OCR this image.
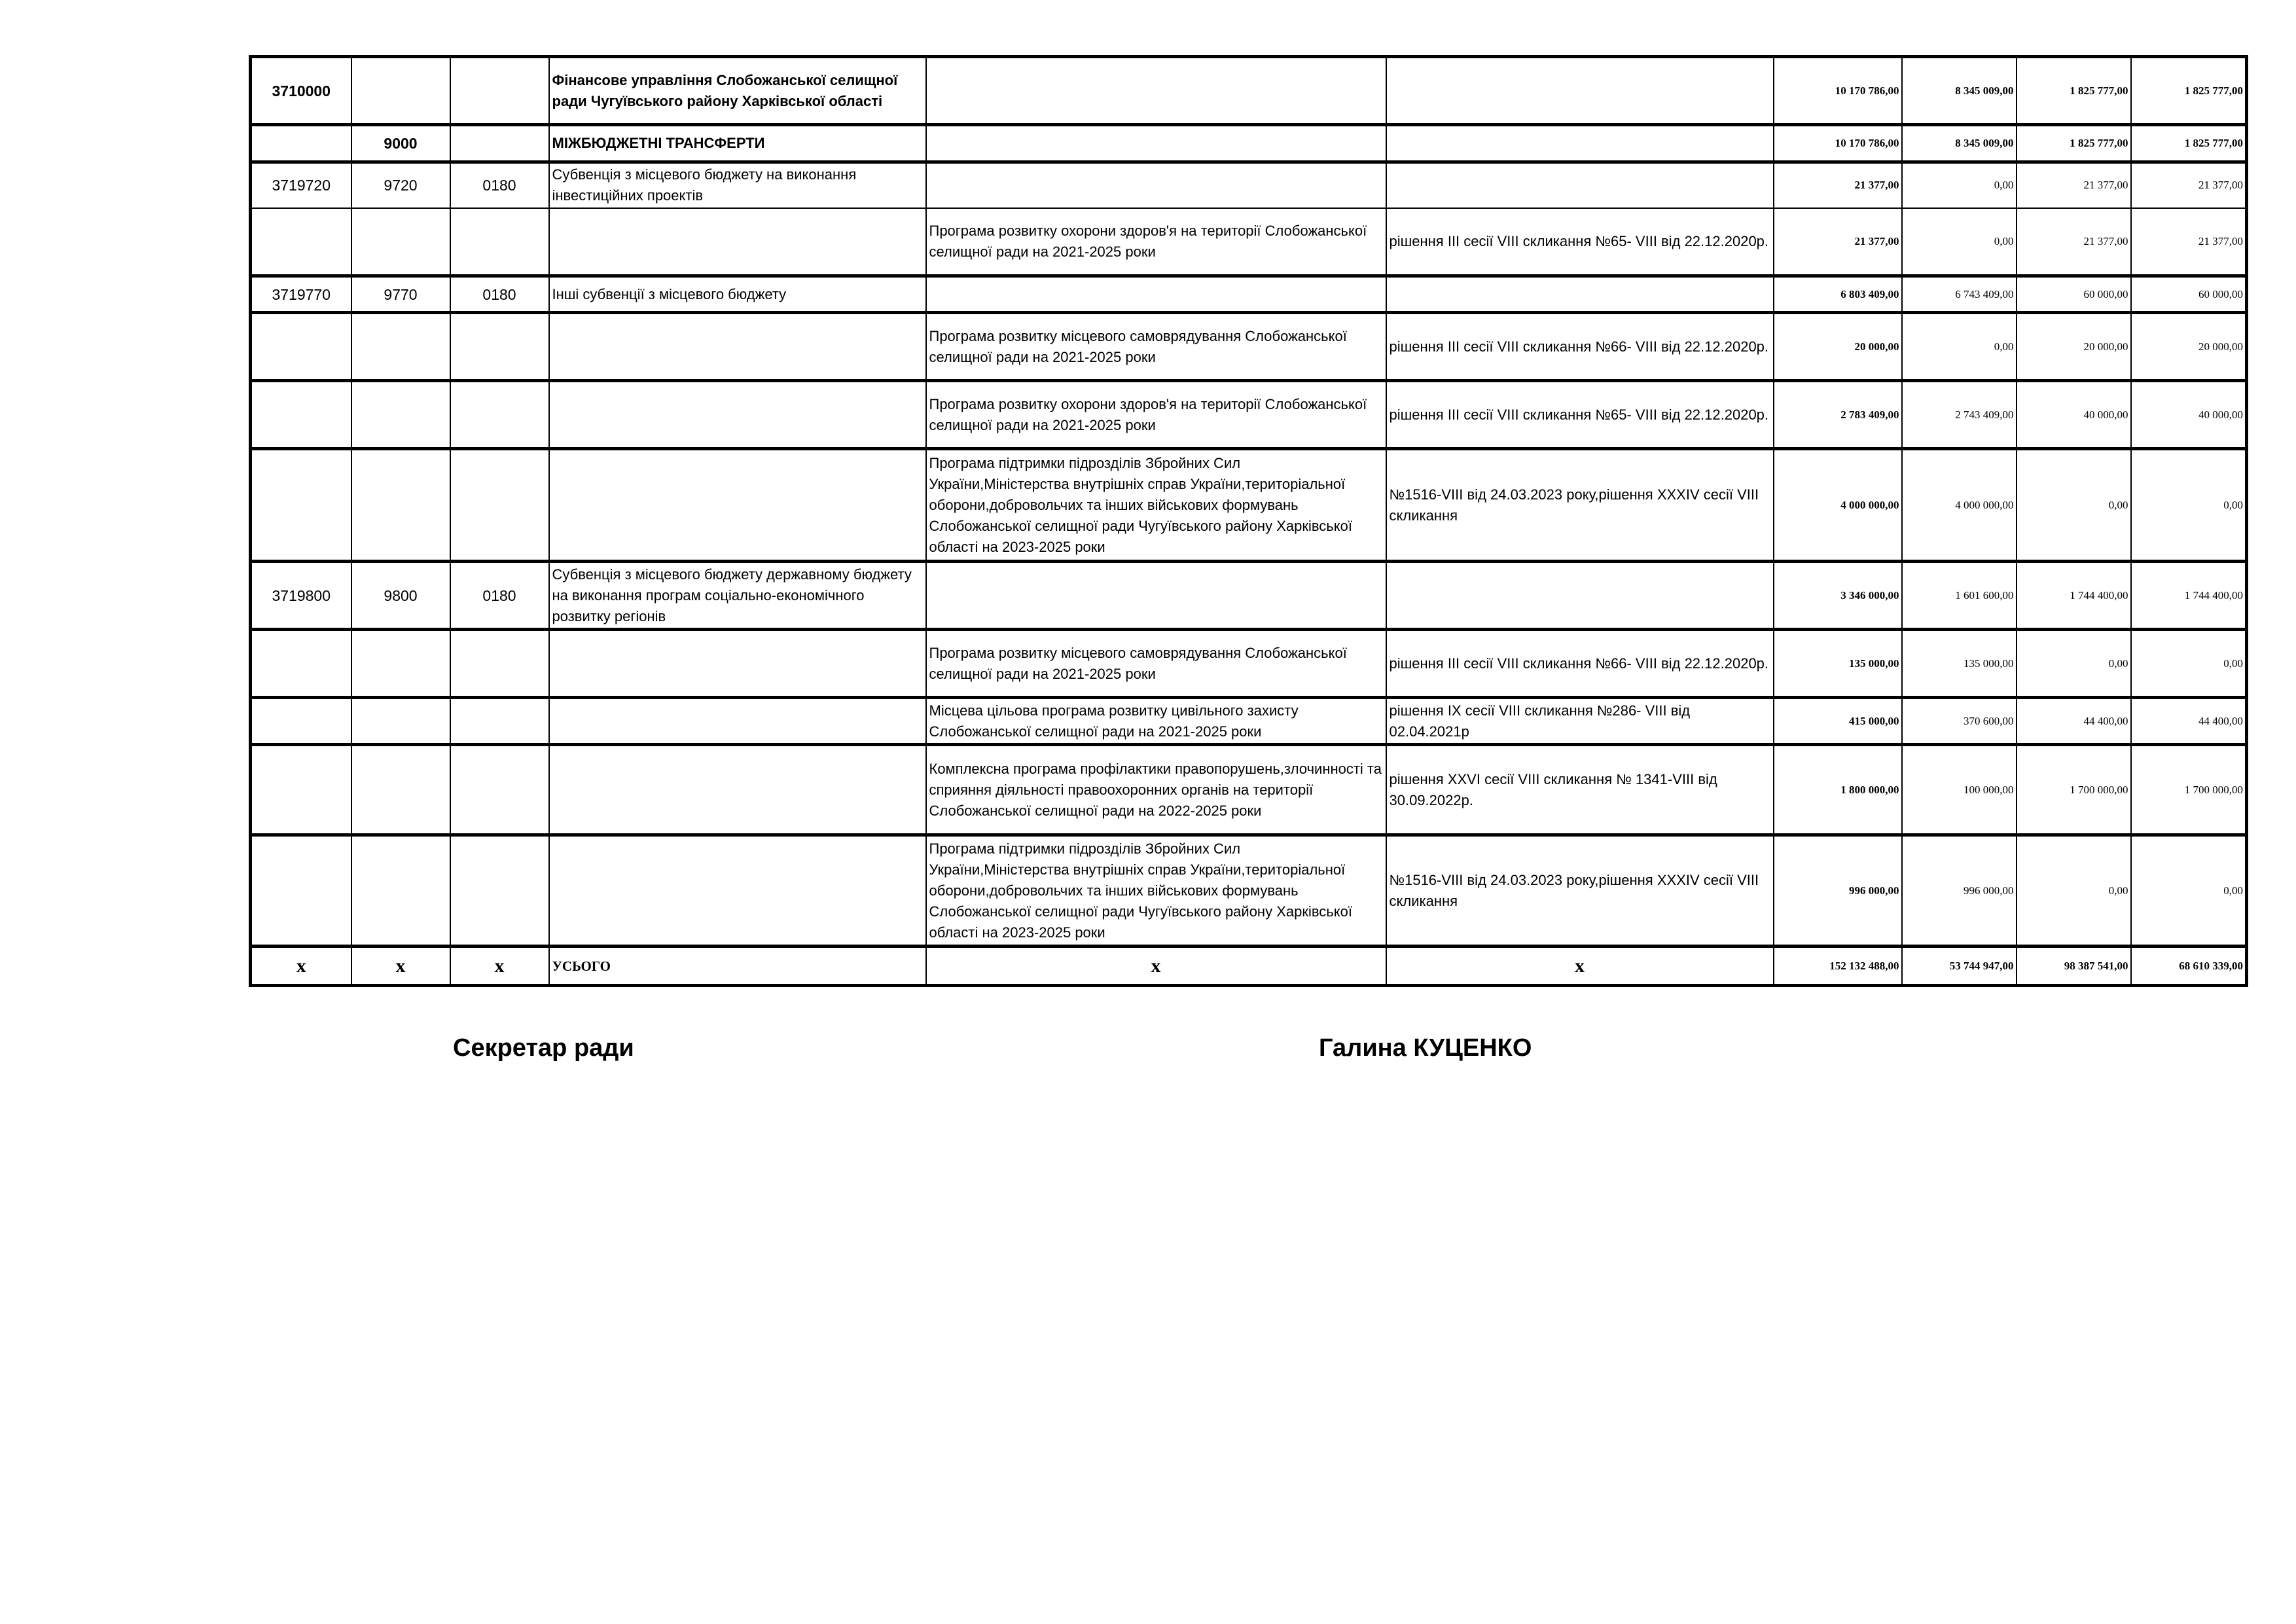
3710000			Фінансове управління Слобожанської селищної ради Чугуївського району Харківської області			10 170 786,00	8 345 009,00	1 825 777,00	1 825 777,00
	9000		МІЖБЮДЖЕТНІ ТРАНСФЕРТИ			10 170 786,00	8 345 009,00	1 825 777,00	1 825 777,00
3719720	9720	0180	Субвенція з місцевого бюджету на виконання інвестиційних проектів			21 377,00	0,00	21 377,00	21 377,00
				Програма розвитку охорони здоров'я на території Слобожанської селищної ради на 2021-2025 роки	рішення ІІІ сесії VIII скликання №65- VIII від 22.12.2020р.	21 377,00	0,00	21 377,00	21 377,00
3719770	9770	0180	Інші субвенції з місцевого бюджету			6 803 409,00	6 743 409,00	60 000,00	60 000,00
				Програма розвитку місцевого самоврядування Слобожанської селищної ради на 2021-2025 роки	рішення ІІІ сесії VIII скликання №66- VIII від 22.12.2020р.	20 000,00	0,00	20 000,00	20 000,00
				Програма розвитку охорони здоров'я на території Слобожанської селищної ради на 2021-2025 роки	рішення ІІІ сесії VIII скликання №65- VIII від 22.12.2020р.	2 783 409,00	2 743 409,00	40 000,00	40 000,00
				Програма підтримки підрозділів Збройних Сил України,Міністерства внутрішніх справ України,територіальної оборони,добровольчих та інших військових формувань Слобожанської селищної ради Чугуївського району Харківської області на 2023-2025 роки	№1516-VIII від 24.03.2023 року,рішення XXXIV сесії VIII скликання	4 000 000,00	4 000 000,00	0,00	0,00
3719800	9800	0180	Субвенція з місцевого бюджету державному бюджету на виконання програм соціально-економічного розвитку регіонів			3 346 000,00	1 601 600,00	1 744 400,00	1 744 400,00
				Програма розвитку місцевого самоврядування Слобожанської селищної ради на 2021-2025 роки	рішення ІІІ сесії VIII скликання №66- VIII від 22.12.2020р.	135 000,00	135 000,00	0,00	0,00
				Місцева цільова програма розвитку цивільного захисту Слобожанської селищної ради на 2021-2025 роки	рішення ІХ сесії VIII скликання №286- VIII від 02.04.2021р	415 000,00	370 600,00	44 400,00	44 400,00
				Комплексна програма профілактики правопорушень,злочинності та сприяння діяльності правоохоронних органів на території Слобожанської селищної ради на 2022-2025 роки	рішення XXVI сесії VIII скликання № 1341-VIII від 30.09.2022р.	1 800 000,00	100 000,00	1 700 000,00	1 700 000,00
				Програма підтримки підрозділів Збройних Сил України,Міністерства внутрішніх справ України,територіальної оборони,добровольчих та інших військових формувань Слобожанської селищної ради Чугуївського району Харківської області на 2023-2025 роки	№1516-VIII від 24.03.2023 року,рішення XXXIV сесії VIII скликання	996 000,00	996 000,00	0,00	0,00
х	х	х	УСЬОГО	х	х	152 132 488,00	53 744 947,00	98 387 541,00	68 610 339,00
Секретар ради	Галина КУЦЕНКО
